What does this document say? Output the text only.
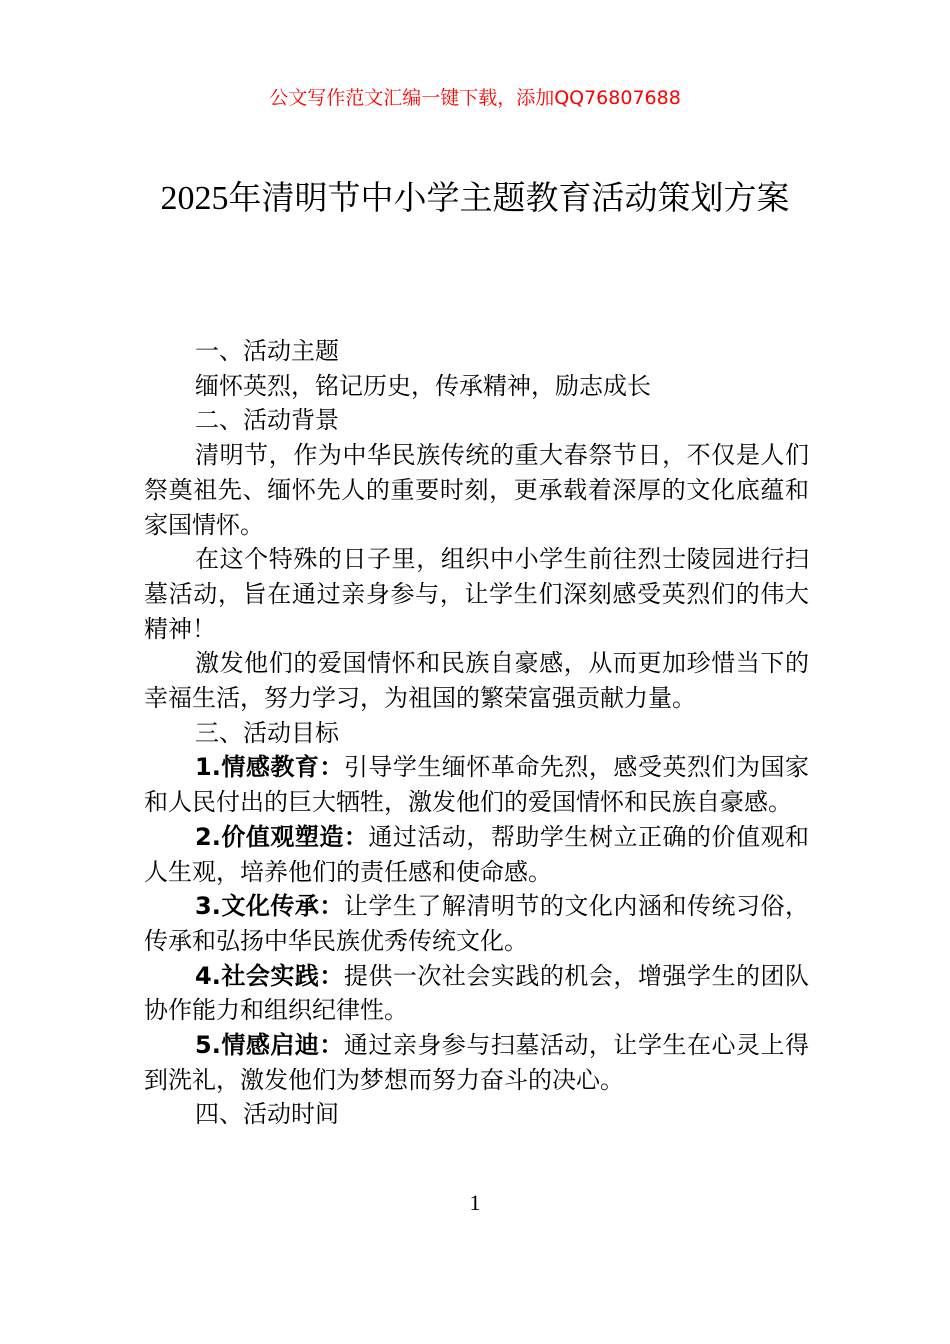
公文写作范文汇编一键下载，添加QQ76807688
2025年清明节中小学主题教育活动策划方案

一、活动主题

缅怀英烈，铭记历史，传承精神，励志成长

二、活动背景

清明节，作为中华民族传统的重大春祭节日，不仅是人们祭奠祖先、缅怀先人的重要时刻，更承载着深厚的文化底蕴和家国情怀。

在这个特殊的日子里，组织中小学生前往烈士陵园进行扫墓活动，旨在通过亲身参与，让学生们深刻感受英烈们的伟大精神！

激发他们的爱国情怀和民族自豪感，从而更加珍惜当下的幸福生活，努力学习，为祖国的繁荣富强贡献力量。

三、活动目标

1.情感教育：引导学生缅怀革命先烈，感受英烈们为国家和人民付出的巨大牺牲，激发他们的爱国情怀和民族自豪感。

2.价值观塑造：通过活动，帮助学生树立正确的价值观和人生观，培养他们的责任感和使命感。

3.文化传承：让学生了解清明节的文化内涵和传统习俗，传承和弘扬中华民族优秀传统文化。

4.社会实践：提供一次社会实践的机会，增强学生的团队协作能力和组织纪律性。

5.情感启迪：通过亲身参与扫墓活动，让学生在心灵上得到洗礼，激发他们为梦想而努力奋斗的决心。

四、活动时间

1
